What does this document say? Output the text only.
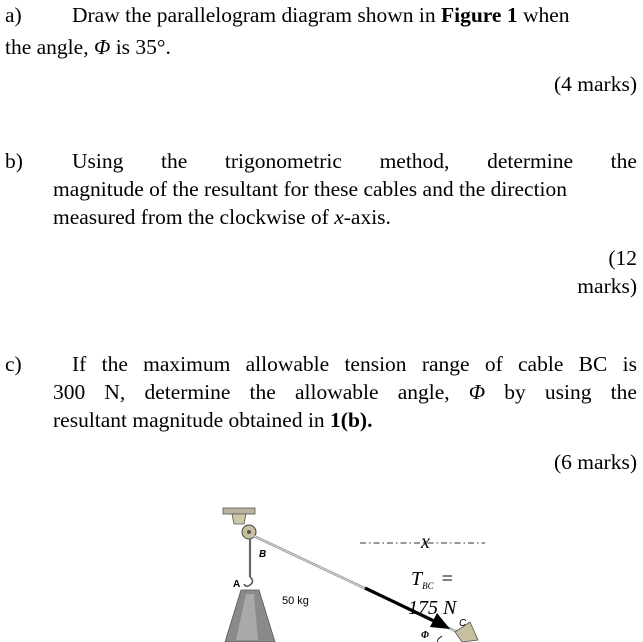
a) Draw the parallelogram diagram shown in Figure 1 when
the angle, Φ is 35°.
(4 marks)
b) Using the trigonometric method, determine the
magnitude of the resultant for these cables and the direction
measured from the clockwise of x-axis.
(12
marks)
c) If the maximum allowable tension range of cable BC is
300 N, determine the allowable angle, Φ by using the
resultant magnitude obtained in 1(b).
(6 marks)
B
A
50 kg
x
$T_{BC}$ =
175 N
C
Φ
